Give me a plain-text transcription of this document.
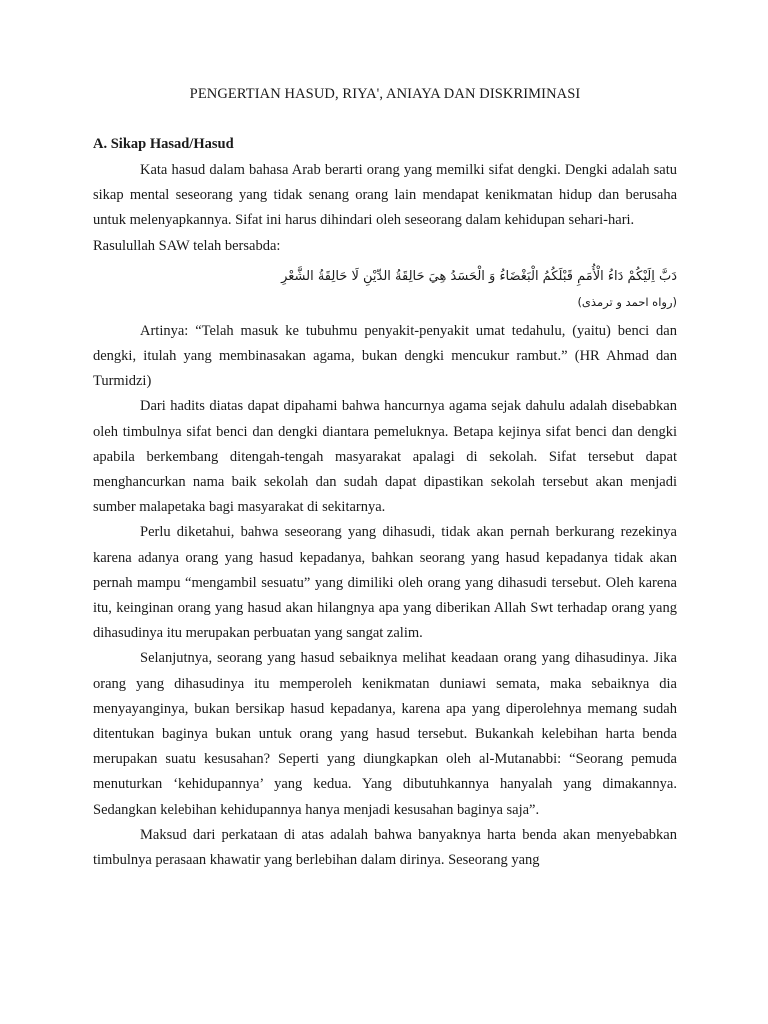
PENGERTIAN HASUD, RIYA', ANIAYA DAN DISKRIMINASI
A. Sikap Hasad/Hasud

Kata hasud dalam bahasa Arab berarti orang yang memilki sifat dengki. Dengki adalah satu sikap mental seseorang yang tidak senang orang lain mendapat kenikmatan hidup dan berusaha untuk melenyapkannya. Sifat ini harus dihindari oleh seseorang dalam kehidupan sehari-hari.

Rasulullah SAW telah bersabda:

دَبَّ اِلَيْكُمْ دَاءُ الْأُمَمِ قَبْلَكُمُ الْبَغْضَاءُ وَ الْحَسَدُ هِيَ حَالِقَةُ الدِّيْنِ لَا حَالِقَةُ الشَّعْرِ

(رواه احمد و ترمذى)

Artinya: “Telah masuk ke tubuhmu penyakit-penyakit umat tedahulu, (yaitu) benci dan dengki, itulah yang membinasakan agama, bukan dengki mencukur rambut.” (HR Ahmad dan Turmidzi)

Dari hadits diatas dapat dipahami bahwa hancurnya agama sejak dahulu adalah disebabkan oleh timbulnya sifat benci dan dengki diantara pemeluknya. Betapa kejinya sifat benci dan dengki apabila berkembang ditengah-tengah masyarakat apalagi di sekolah. Sifat tersebut dapat menghancurkan nama baik sekolah dan sudah dapat dipastikan sekolah tersebut akan menjadi sumber malapetaka bagi masyarakat di sekitarnya.

Perlu diketahui, bahwa seseorang yang dihasudi, tidak akan pernah berkurang rezekinya karena adanya orang yang hasud kepadanya, bahkan seorang yang hasud kepadanya tidak akan pernah mampu “mengambil sesuatu” yang dimiliki oleh orang yang dihasudi tersebut. Oleh karena itu, keinginan orang yang hasud akan hilangnya apa yang diberikan Allah Swt terhadap orang yang dihasudinya itu merupakan perbuatan yang sangat zalim.

Selanjutnya, seorang yang hasud sebaiknya melihat keadaan orang yang dihasudinya. Jika orang yang dihasudinya itu memperoleh kenikmatan duniawi semata, maka sebaiknya dia menyayanginya, bukan bersikap hasud kepadanya, karena apa yang diperolehnya memang sudah ditentukan baginya bukan untuk orang yang hasud tersebut. Bukankah kelebihan harta benda merupakan suatu kesusahan? Seperti yang diungkapkan oleh al-Mutanabbi: “Seorang pemuda menuturkan ‘kehidupannya’ yang kedua. Yang dibutuhkannya hanyalah yang dimakannya. Sedangkan kelebihan kehidupannya hanya menjadi kesusahan baginya saja”.

Maksud dari perkataan di atas adalah bahwa banyaknya harta benda akan menyebabkan timbulnya perasaan khawatir yang berlebihan dalam dirinya. Seseorang yang
